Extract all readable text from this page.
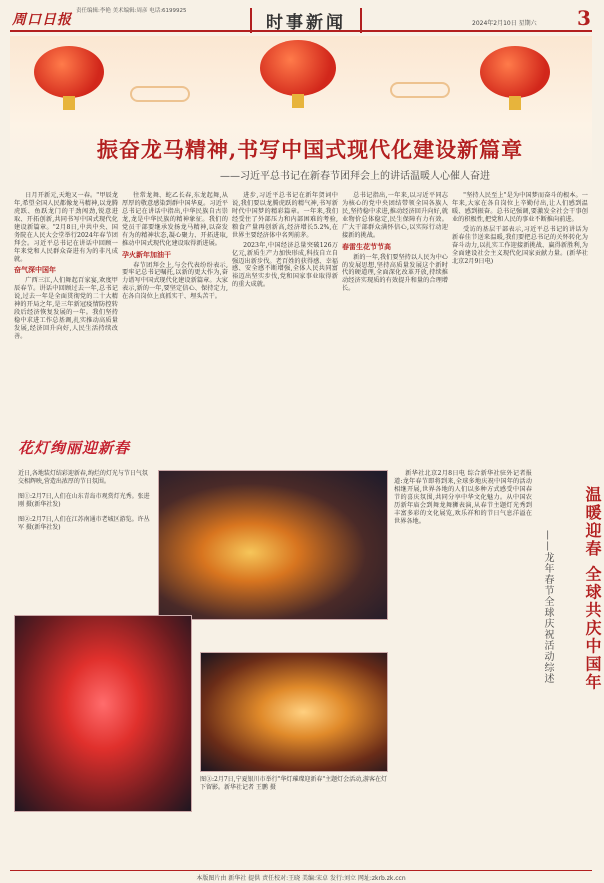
周口日报
责任编辑:李艳 美术编辑:周彦 电话:6199925
时事新闻	2024年2月10日 星期六 3
振奋龙马精神,书写中国式现代化建设新篇章
——习近平总书记在新春节团拜会上的讲话温暖人心催人奋进

日月开新元,天地又一春。"甲辰龙年,希望全国人民都像龙马精神,以龙腾虎跃、鱼跃龙门的干劲闯劲,锐意进取、开拓创新,共同书写中国式现代化建设新篇章。"2月8日,中共中央、国务院在人民大会堂举行2024年春节团拜会。习近平总书记在讲话中回顾一年来党和人民群众奋进有为的非凡成就。

奋气深中国年

广西三江,人们舞起百家宴,欢度甲辰春节。讲话中回顾过去一年,总书记说,过去一年是全面贯彻党的二十大精神的开局之年,是三年新冠疫情防控转段后经济恢复发展的一年。我们坚持稳中求进工作总基调,扎实推动高质量发展,经济回升向好,人民生活持续改善。

往常龙舞、蛇乙长春,东龙起舞,从厚厚的敬意感染到群中国华夏。习近平总书记在讲话中指出,中华民族自古崇龙,龙是中华民族的精神象征。我们的党员干部要继承发扬龙马精神,以奋发有为的精神状态,凝心聚力、开拓进取,推动中国式现代化建设取得新进展。

孕火新年加油干

春节团拜会上,与会代表纷纷表示,要牢记总书记嘱托,以新的更大作为,奋力谱写中国式现代化建设新篇章。大家表示,新的一年,要坚定信心、保持定力,在各自岗位上真抓实干、埋头苦干。

进步,习近平总书记在新年贺词中说,我们要以龙腾虎跃的精气神,书写新时代中国梦的精彩篇章。一年来,我们经受住了外部压力和内部困难的考验,粮食产量再创新高,经济增长5.2%,在世界主要经济体中名列前茅。

2023年,中国经济总量突破126万亿元,新质生产力加快形成,科技自立自强迈出新步伐。老百姓的获得感、幸福感、安全感不断增强,全体人民共同富裕迈出坚实步伐,党和国家事业取得新的重大成就。

总书记指出,一年来,以习近平同志为核心的党中央团结带领全国各族人民,坚持稳中求进,推动经济回升向好,就业物价总体稳定,民生保障有力有效。广大干部群众满怀信心,以实际行动迎接新的挑战。

春雷生花节节高

新的一年,我们要坚持以人民为中心的发展思想,坚持高质量发展这个新时代的硬道理,全面深化改革开放,持续推动经济实现质的有效提升和量的合理增长。

"坚持人民至上"是为中国梦而奋斗的根本。一年来,大家在各自岗位上辛勤付出,让人们感到温暖、感到振奋。总书记强调,要激发全社会干事创业的积极性,把党和人民的事业不断推向前进。

受访的基层干部表示,习近平总书记的讲话为新春佳节送来温暖,我们要把总书记的关怀转化为奋斗动力,以扎实工作迎接新挑战、赢得新胜利,为全面建设社会主义现代化国家贡献力量。(新华社北京2月9日电)

花灯绚丽迎新春

近日,各地装灯结彩迎新春,绚烂的灯光与节日气氛交相辉映,营造出浓厚的节日氛围。

图①:2月7日,人们在山东青岛市观赏灯光秀。张进刚 摄(新华社发)

图②:2月7日,人们在江苏南通市老城区游览。许丛军 摄(新华社发)

图③:2月7日,宁夏银川市举行"华灯璀璨迎新春"主题灯会活动,游客在灯下留影。新华社记者 王鹏 摄
新华社北京2月8日电 综合新华社驻外记者报道:龙年春节即将到来,全球多地庆祝中国年的活动相继开展,世界各地的人们以多种方式感受中国春节的喜庆氛围,共同分享中华文化魅力。从中国农历新年庙会到舞龙舞狮表演,从春节主题灯光秀到丰富多彩的文化展览,欢乐祥和的节日气息洋溢在世界各地。	温暖迎春 全球共庆中国年
——龙年春节全球庆祝活动综述
本版图片由 新华社 提供 责任校对:王晓 美编:宋卓 发行:刘立 网址:zkrb.zk.ccn
